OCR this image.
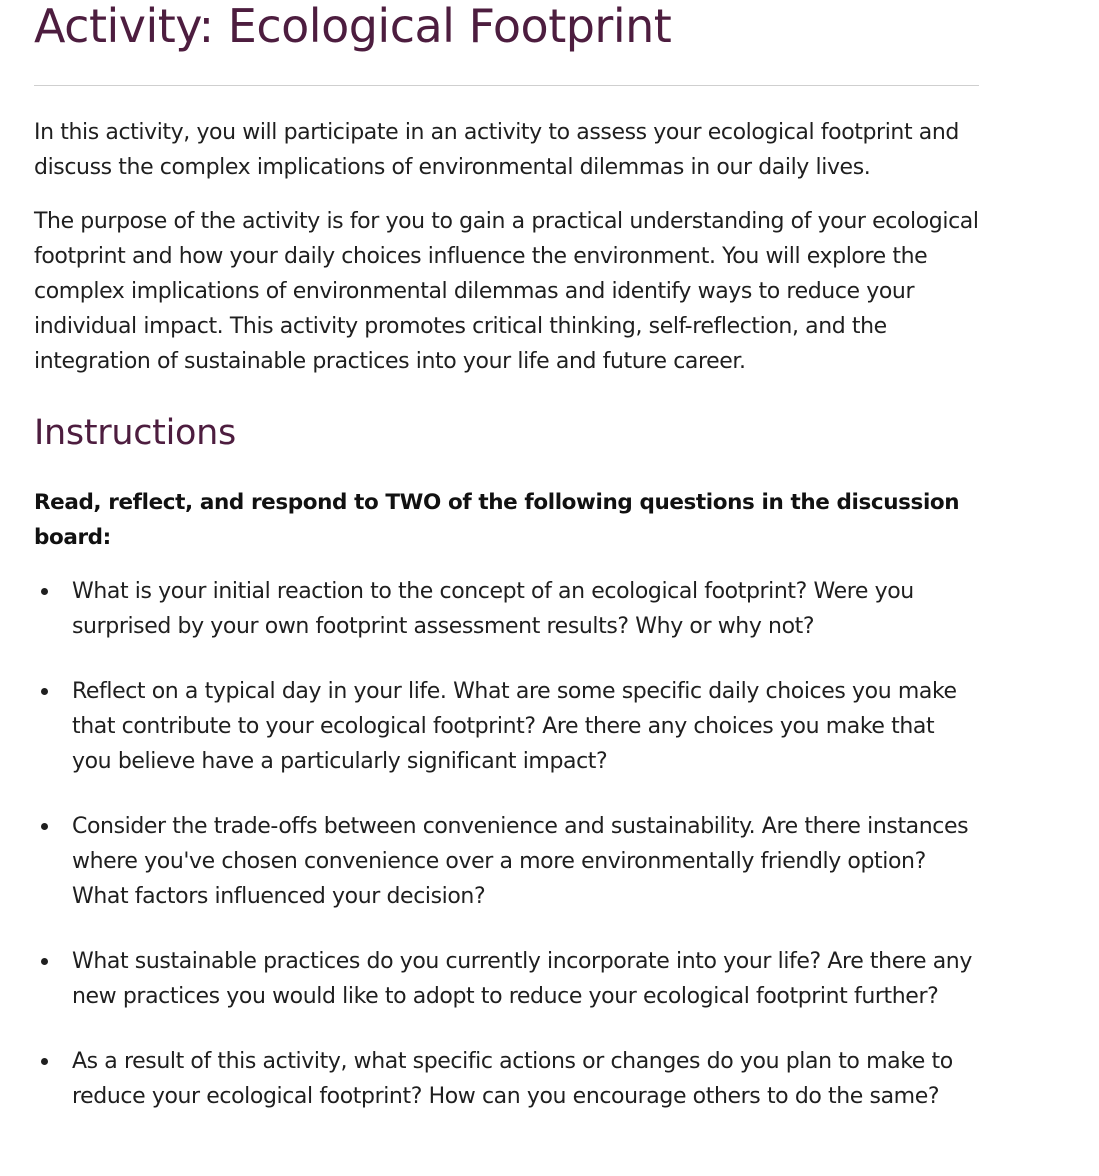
Activity: Ecological Footprint

In this activity, you will participate in an activity to assess your ecological footprint and discuss the complex implications of environmental dilemmas in our daily lives.

The purpose of the activity is for you to gain a practical understanding of your ecological footprint and how your daily choices influence the environment. You will explore the complex implications of environmental dilemmas and identify ways to reduce your individual impact. This activity promotes critical thinking, self-reflection, and the integration of sustainable practices into your life and future career.

Instructions

Read, reflect, and respond to TWO of the following questions in the discussion board:

What is your initial reaction to the concept of an ecological footprint? Were you surprised by your own footprint assessment results? Why or why not?
Reflect on a typical day in your life. What are some specific daily choices you make that contribute to your ecological footprint? Are there any choices you make that you believe have a particularly significant impact?
Consider the trade-offs between convenience and sustainability. Are there instances where you've chosen convenience over a more environmentally friendly option? What factors influenced your decision?
What sustainable practices do you currently incorporate into your life? Are there any new practices you would like to adopt to reduce your ecological footprint further?
As a result of this activity, what specific actions or changes do you plan to make to reduce your ecological footprint? How can you encourage others to do the same?
